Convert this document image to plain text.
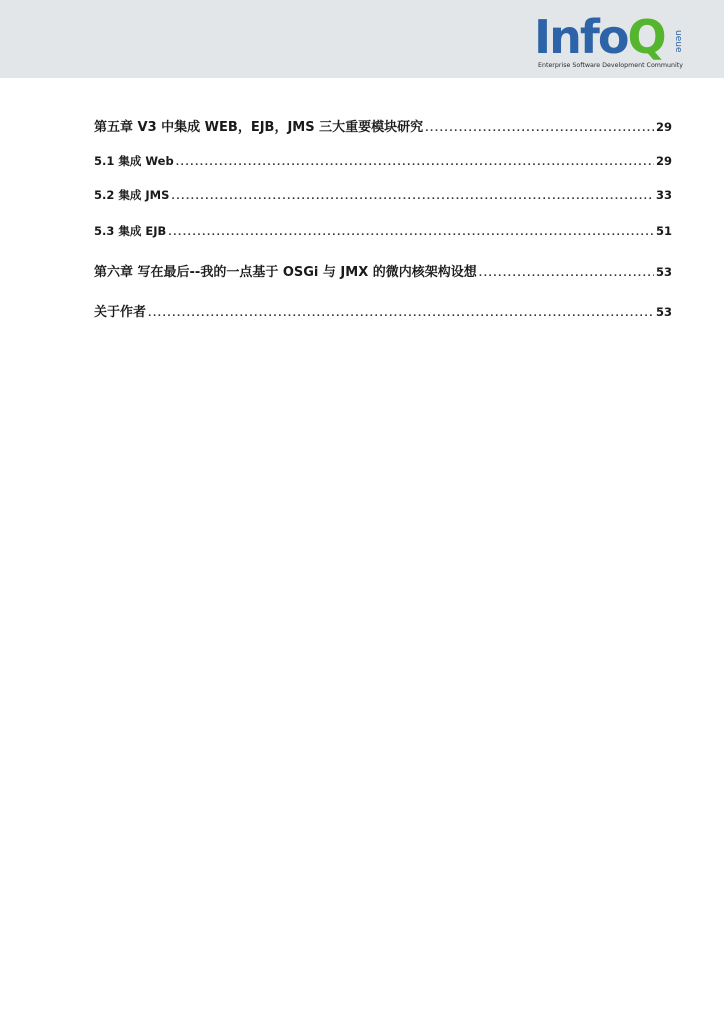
Info Q ueue
Enterprise Software Development Community
第五章 V3 中集成 WEB，EJB，JMS 三大重要模块研究 .....	29
5.1 集成 Web .....	29
5.2 集成 JMS .....	33
5.3 集成 EJB .....	51
第六章 写在最后--我的一点基于 OSGi 与 JMX 的微内核架构设想 .....	53
关于作者 .....	53
